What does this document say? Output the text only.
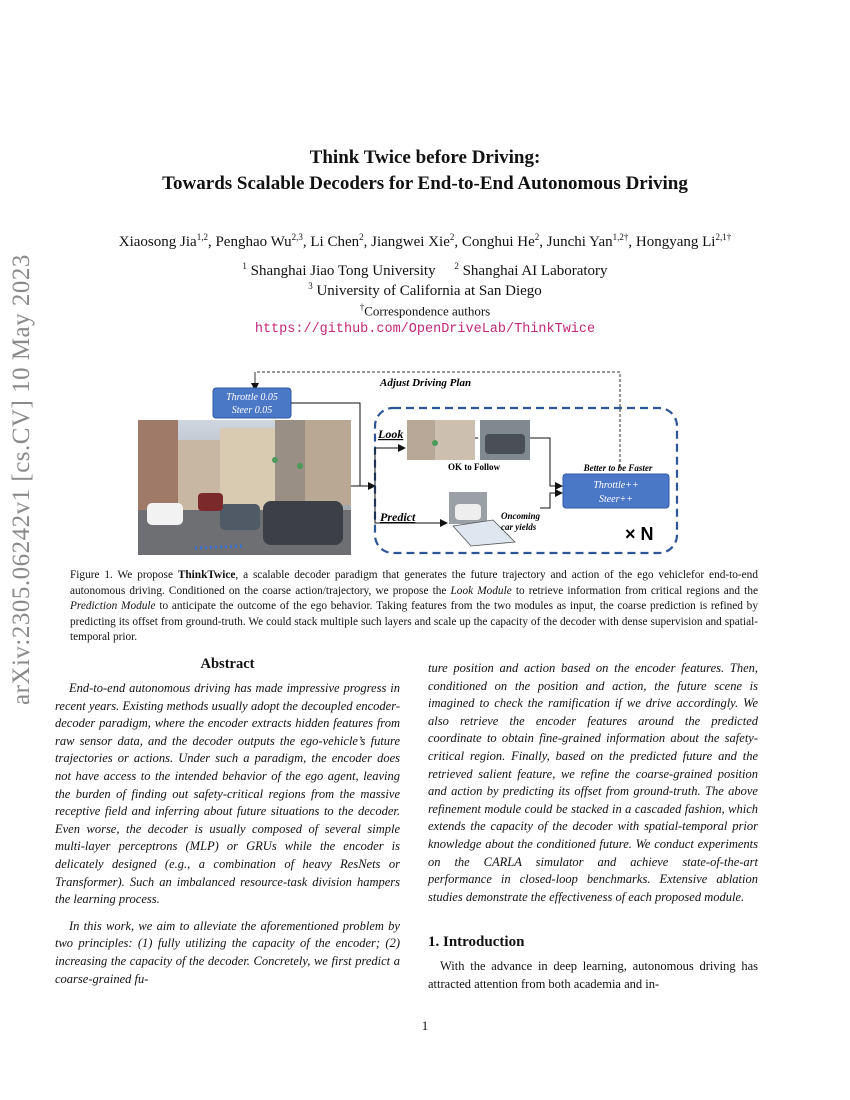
arXiv:2305.06242v1 [cs.CV] 10 May 2023
Think Twice before Driving:
Towards Scalable Decoders for End-to-End Autonomous Driving
Xiaosong Jia$^{1,2}$, Penghao Wu$^{2,3}$, Li Chen$^2$, Jiangwei Xie$^2$, Conghui He$^2$, Junchi Yan$^{1,2\dagger}$, Hongyang $Li^{2,1\dagger}$
$^1$ Shanghai Jiao Tong University $^2$ Shanghai AI Laboratory
$^3$ University of California at San Diego
†Correspondence authors
https://github.com/OpenDriveLab/ThinkTwice
Adjust Driving Plan
Throttle 0.05
Steer 0.05
Look
Predict
OK to Follow
Oncoming
car yields
Better to be Faster
Throttle++
Steer++
× N
Figure 1. We propose ThinkTwice, a scalable decoder paradigm that generates the future trajectory and action of the ego vehiclefor end-to-end autonomous driving. Conditioned on the coarse action/trajectory, we propose the Look Module to retrieve information from critical regions and the Prediction Module to anticipate the outcome of the ego behavior. Taking features from the two modules as input, the coarse prediction is refined by predicting its offset from ground-truth. We could stack multiple such layers and scale up the capacity of the decoder with dense supervision and spatial-temporal prior.
Abstract

End-to-end autonomous driving has made impressive progress in recent years. Existing methods usually adopt the decoupled encoder-decoder paradigm, where the encoder extracts hidden features from raw sensor data, and the decoder outputs the ego-vehicle’s future trajectories or actions. Under such a paradigm, the encoder does not have access to the intended behavior of the ego agent, leaving the burden of finding out safety-critical regions from the massive receptive field and inferring about future situations to the decoder. Even worse, the decoder is usually composed of several simple multi-layer perceptrons (MLP) or GRUs while the encoder is delicately designed (e.g., a combination of heavy ResNets or Transformer). Such an imbalanced resource-task division hampers the learning process.

In this work, we aim to alleviate the aforementioned problem by two principles: (1) fully utilizing the capacity of the encoder; (2) increasing the capacity of the decoder. Concretely, we first predict a coarse-grained fu-

ture position and action based on the encoder features. Then, conditioned on the position and action, the future scene is imagined to check the ramification if we drive accordingly. We also retrieve the encoder features around the predicted coordinate to obtain fine-grained information about the safety-critical region. Finally, based on the predicted future and the retrieved salient feature, we refine the coarse-grained position and action by predicting its offset from ground-truth. The above refinement module could be stacked in a cascaded fashion, which extends the capacity of the decoder with spatial-temporal prior knowledge about the conditioned future. We conduct experiments on the CARLA simulator and achieve state-of-the-art performance in closed-loop benchmarks. Extensive ablation studies demonstrate the effectiveness of each proposed module.

1. Introduction
With the advance in deep learning, autonomous driving has attracted attention from both academia and in-
1
